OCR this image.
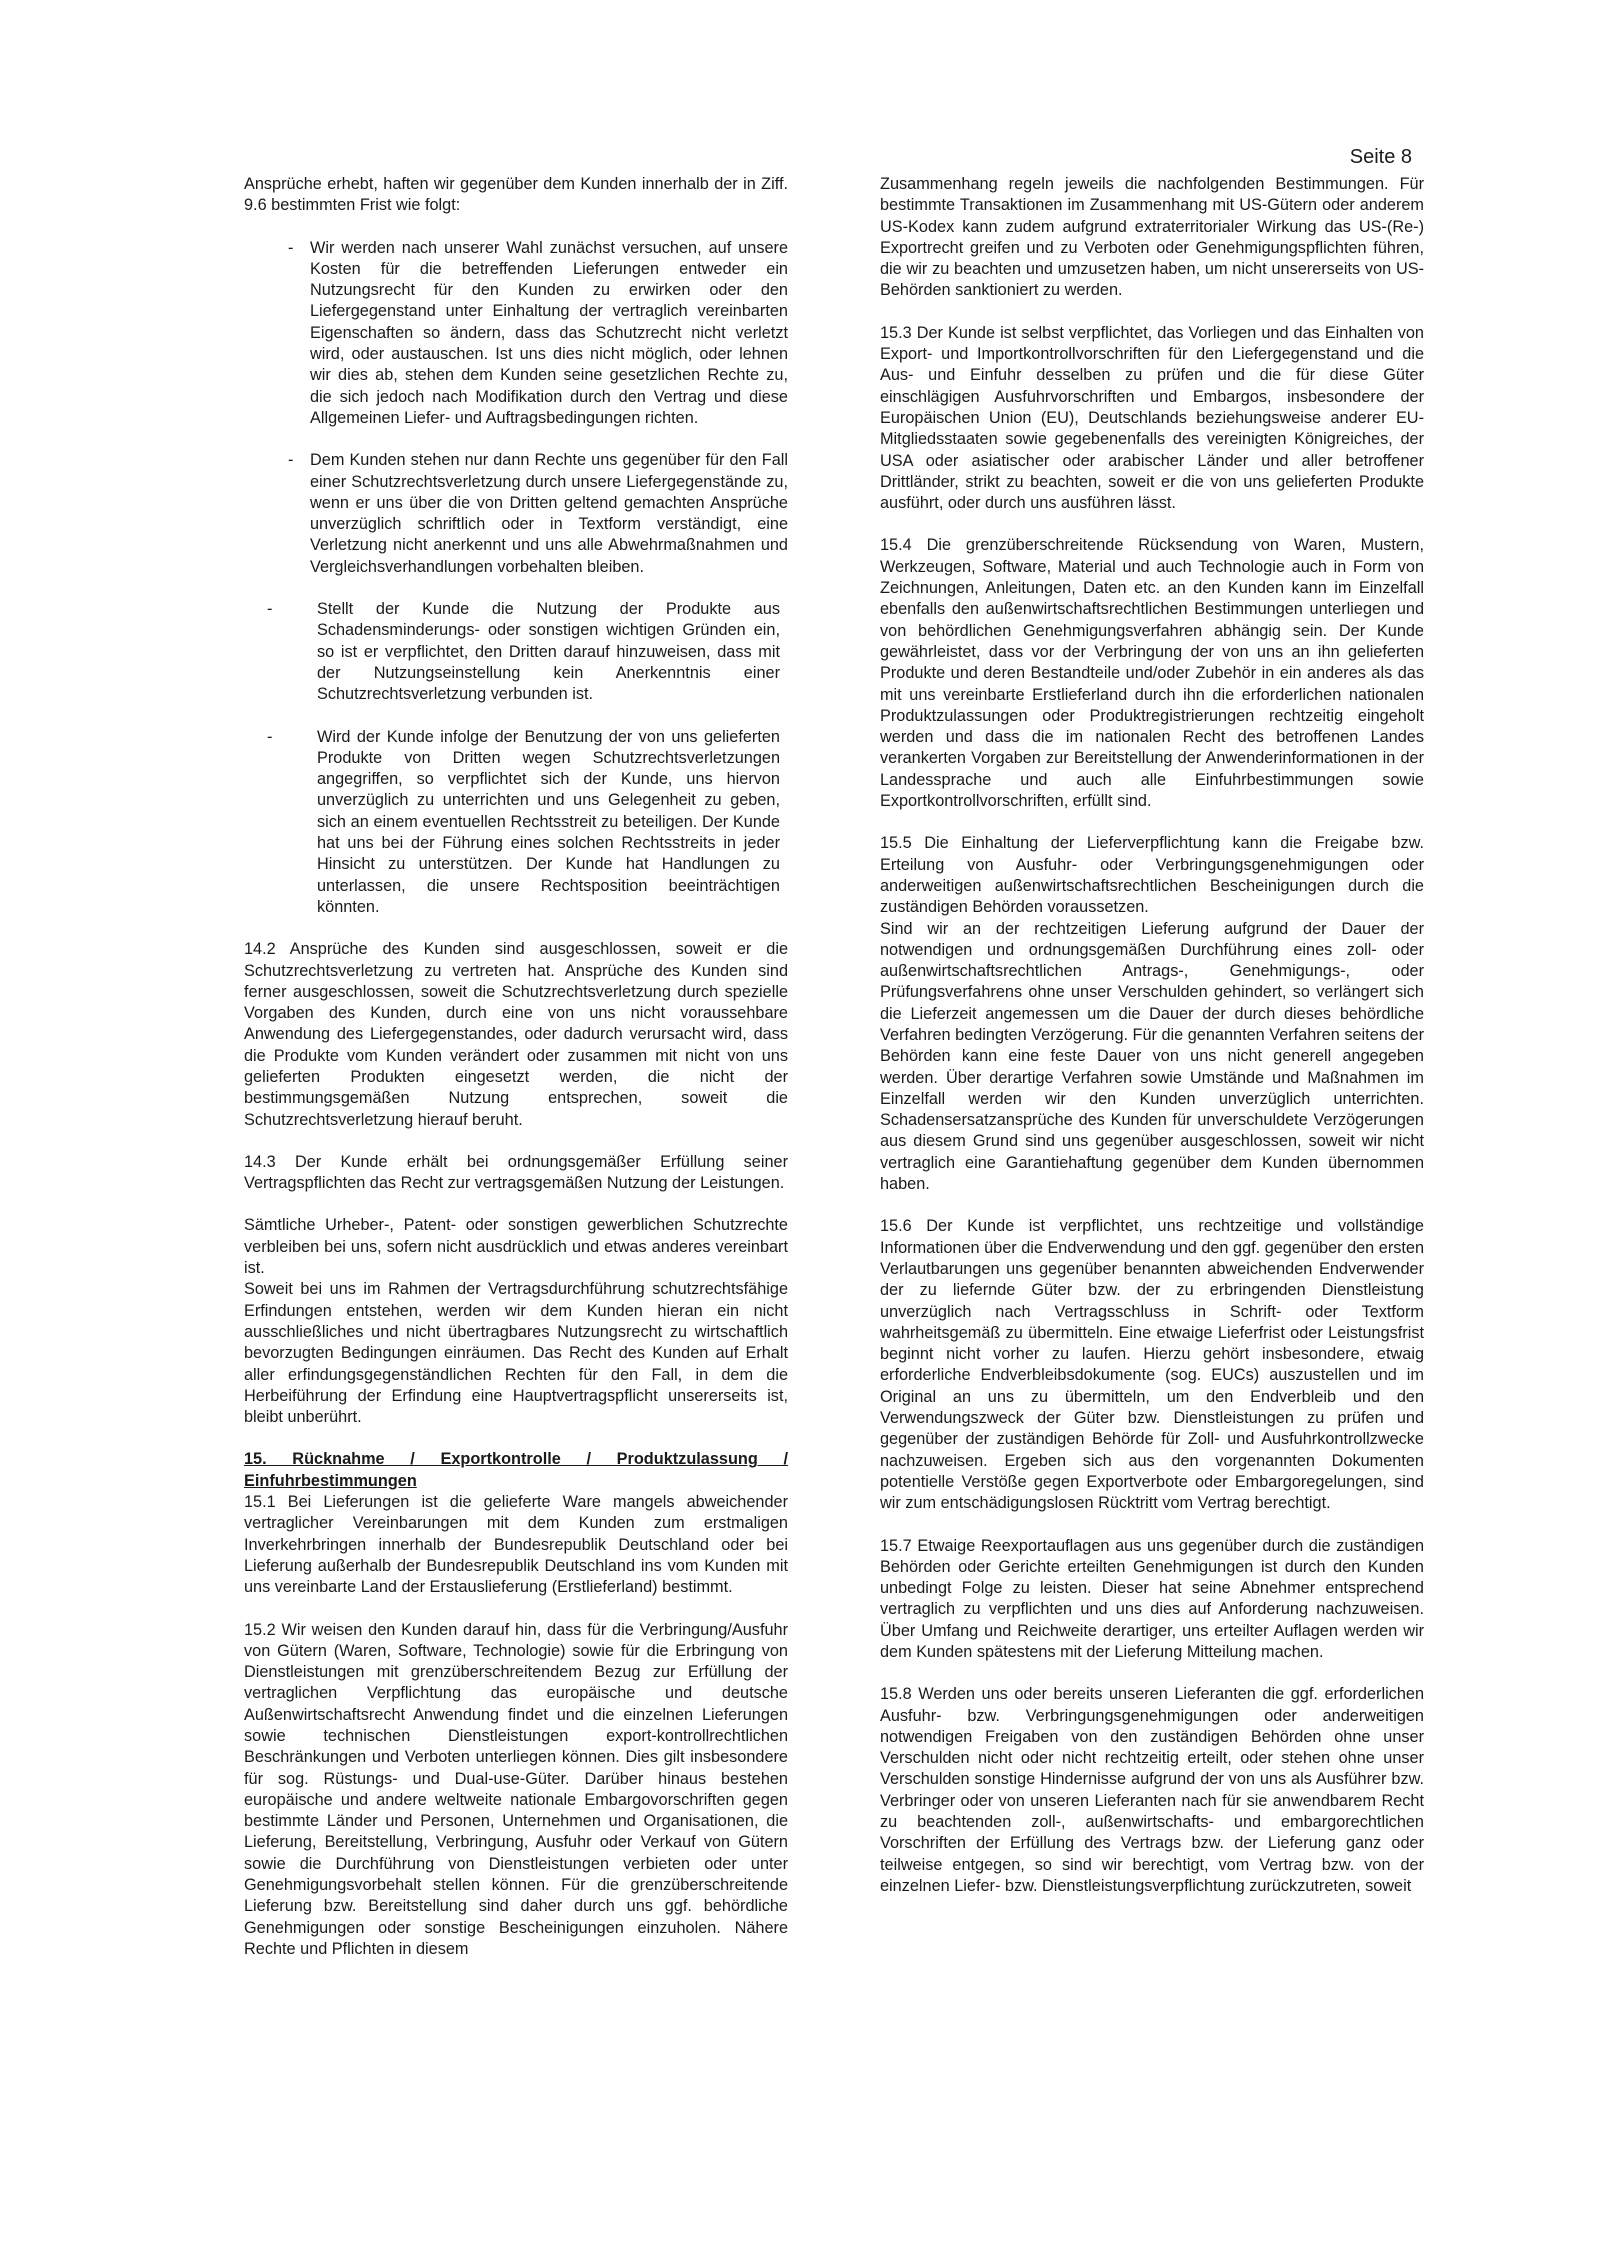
Seite 8

Ansprüche erhebt, haften wir gegenüber dem Kunden innerhalb der in Ziff. 9.6 bestimmten Frist wie folgt:

-	Wir werden nach unserer Wahl zunächst versuchen, auf unsere Kosten für die betreffenden Lieferungen entweder ein Nutzungsrecht für den Kunden zu erwirken oder den Liefergegenstand unter Einhaltung der vertraglich vereinbarten Eigenschaften so ändern, dass das Schutzrecht nicht verletzt wird, oder austauschen. Ist uns dies nicht möglich, oder lehnen wir dies ab, stehen dem Kunden seine gesetzlichen Rechte zu, die sich jedoch nach Modifikation durch den Vertrag und diese Allgemeinen Liefer- und Auftragsbedingungen richten.
-	Dem Kunden stehen nur dann Rechte uns gegenüber für den Fall einer Schutzrechtsverletzung durch unsere Liefergegenstände zu, wenn er uns über die von Dritten geltend gemachten Ansprüche unverzüglich schriftlich oder in Textform verständigt, eine Verletzung nicht anerkennt und uns alle Abwehrmaßnahmen und Vergleichsverhandlungen vorbehalten bleiben.
-	Stellt der Kunde die Nutzung der Produkte aus Schadensminderungs- oder sonstigen wichtigen Gründen ein, so ist er verpflichtet, den Dritten darauf hinzuweisen, dass mit der Nutzungseinstellung kein Anerkenntnis einer Schutzrechtsverletzung verbunden ist.
-	Wird der Kunde infolge der Benutzung der von uns gelieferten Produkte von Dritten wegen Schutzrechtsverletzungen angegriffen, so verpflichtet sich der Kunde, uns hiervon unverzüglich zu unterrichten und uns Gelegenheit zu geben, sich an einem eventuellen Rechtsstreit zu beteiligen. Der Kunde hat uns bei der Führung eines solchen Rechtsstreits in jeder Hinsicht zu unterstützen. Der Kunde hat Handlungen zu unterlassen, die unsere Rechtsposition beeinträchtigen könnten.

14.2 Ansprüche des Kunden sind ausgeschlossen, soweit er die Schutzrechtsverletzung zu vertreten hat. Ansprüche des Kunden sind ferner ausgeschlossen, soweit die Schutzrechtsverletzung durch spezielle Vorgaben des Kunden, durch eine von uns nicht voraussehbare Anwendung des Liefergegenstandes, oder dadurch verursacht wird, dass die Produkte vom Kunden verändert oder zusammen mit nicht von uns gelieferten Produkten eingesetzt werden, die nicht der bestimmungsgemäßen Nutzung entsprechen, soweit die Schutzrechtsverletzung hierauf beruht.

14.3 Der Kunde erhält bei ordnungsgemäßer Erfüllung seiner Vertragspflichten das Recht zur vertragsgemäßen Nutzung der Leistungen.

Sämtliche Urheber-, Patent- oder sonstigen gewerblichen Schutzrechte verbleiben bei uns, sofern nicht ausdrücklich und etwas anderes vereinbart ist.

Soweit bei uns im Rahmen der Vertragsdurchführung schutzrechtsfähige Erfindungen entstehen, werden wir dem Kunden hieran ein nicht ausschließliches und nicht übertragbares Nutzungsrecht zu wirtschaftlich bevorzugten Bedingungen einräumen. Das Recht des Kunden auf Erhalt aller erfindungsgegenständlichen Rechten für den Fall, in dem die Herbeiführung der Erfindung eine Hauptvertragspflicht unsererseits ist, bleibt unberührt.

15. Rücknahme / Exportkontrolle / Produktzulassung / Einfuhrbestimmungen

15.1 Bei Lieferungen ist die gelieferte Ware mangels abweichender vertraglicher Vereinbarungen mit dem Kunden zum erstmaligen Inverkehrbringen innerhalb der Bundesrepublik Deutschland oder bei Lieferung außerhalb der Bundesrepublik Deutschland ins vom Kunden mit uns vereinbarte Land der Erstauslieferung (Erstlieferland) bestimmt.

15.2 Wir weisen den Kunden darauf hin, dass für die Verbringung/Ausfuhr von Gütern (Waren, Software, Technologie) sowie für die Erbringung von Dienstleistungen mit grenzüberschreitendem Bezug zur Erfüllung der vertraglichen Verpflichtung das europäische und deutsche Außenwirtschaftsrecht Anwendung findet und die einzelnen Lieferungen sowie technischen Dienstleistungen export-kontrollrechtlichen Beschränkungen und Verboten unterliegen können. Dies gilt insbesondere für sog. Rüstungs- und Dual-use-Güter. Darüber hinaus bestehen europäische und andere weltweite nationale Embargovorschriften gegen bestimmte Länder und Personen, Unternehmen und Organisationen, die Lieferung, Bereitstellung, Verbringung, Ausfuhr oder Verkauf von Gütern sowie die Durchführung von Dienstleistungen verbieten oder unter Genehmigungsvorbehalt stellen können. Für die grenzüberschreitende Lieferung bzw. Bereitstellung sind daher durch uns ggf. behördliche Genehmigungen oder sonstige Bescheinigungen einzuholen. Nähere Rechte und Pflichten in diesem

Zusammenhang regeln jeweils die nachfolgenden Bestimmungen. Für bestimmte Transaktionen im Zusammenhang mit US-Gütern oder anderem US-Kodex kann zudem aufgrund extraterritorialer Wirkung das US-(Re-) Exportrecht greifen und zu Verboten oder Genehmigungspflichten führen, die wir zu beachten und umzusetzen haben, um nicht unsererseits von US-Behörden sanktioniert zu werden.

15.3 Der Kunde ist selbst verpflichtet, das Vorliegen und das Einhalten von Export- und Importkontrollvorschriften für den Liefergegenstand und die Aus- und Einfuhr desselben zu prüfen und die für diese Güter einschlägigen Ausfuhrvorschriften und Embargos, insbesondere der Europäischen Union (EU), Deutschlands beziehungsweise anderer EU-Mitgliedsstaaten sowie gegebenenfalls des vereinigten Königreiches, der USA oder asiatischer oder arabischer Länder und aller betroffener Drittländer, strikt zu beachten, soweit er die von uns gelieferten Produkte ausführt, oder durch uns ausführen lässt.

15.4 Die grenzüberschreitende Rücksendung von Waren, Mustern, Werkzeugen, Software, Material und auch Technologie auch in Form von Zeichnungen, Anleitungen, Daten etc. an den Kunden kann im Einzelfall ebenfalls den außenwirtschaftsrechtlichen Bestimmungen unterliegen und von behördlichen Genehmigungsverfahren abhängig sein. Der Kunde gewährleistet, dass vor der Verbringung der von uns an ihn gelieferten Produkte und deren Bestandteile und/oder Zubehör in ein anderes als das mit uns vereinbarte Erstlieferland durch ihn die erforderlichen nationalen Produktzulassungen oder Produktregistrierungen rechtzeitig eingeholt werden und dass die im nationalen Recht des betroffenen Landes verankerten Vorgaben zur Bereitstellung der Anwenderinformationen in der Landessprache und auch alle Einfuhrbestimmungen sowie Exportkontrollvorschriften, erfüllt sind.

15.5 Die Einhaltung der Lieferverpflichtung kann die Freigabe bzw. Erteilung von Ausfuhr- oder Verbringungsgenehmigungen oder anderweitigen außenwirtschaftsrechtlichen Bescheinigungen durch die zuständigen Behörden voraussetzen.

Sind wir an der rechtzeitigen Lieferung aufgrund der Dauer der notwendigen und ordnungsgemäßen Durchführung eines zoll- oder außenwirtschaftsrechtlichen Antrags-, Genehmigungs-, oder Prüfungsverfahrens ohne unser Verschulden gehindert, so verlängert sich die Lieferzeit angemessen um die Dauer der durch dieses behördliche Verfahren bedingten Verzögerung. Für die genannten Verfahren seitens der Behörden kann eine feste Dauer von uns nicht generell angegeben werden. Über derartige Verfahren sowie Umstände und Maßnahmen im Einzelfall werden wir den Kunden unverzüglich unterrichten. Schadensersatzansprüche des Kunden für unverschuldete Verzögerungen aus diesem Grund sind uns gegenüber ausgeschlossen, soweit wir nicht vertraglich eine Garantiehaftung gegenüber dem Kunden übernommen haben.

15.6 Der Kunde ist verpflichtet, uns rechtzeitige und vollständige Informationen über die Endverwendung und den ggf. gegenüber den ersten Verlautbarungen uns gegenüber benannten abweichenden Endverwender der zu liefernde Güter bzw. der zu erbringenden Dienstleistung unverzüglich nach Vertragsschluss in Schrift- oder Textform wahrheitsgemäß zu übermitteln. Eine etwaige Lieferfrist oder Leistungsfrist beginnt nicht vorher zu laufen. Hierzu gehört insbesondere, etwaig erforderliche Endverbleibsdokumente (sog. EUCs) auszustellen und im Original an uns zu übermitteln, um den Endverbleib und den Verwendungszweck der Güter bzw. Dienstleistungen zu prüfen und gegenüber der zuständigen Behörde für Zoll- und Ausfuhrkontrollzwecke nachzuweisen. Ergeben sich aus den vorgenannten Dokumenten potentielle Verstöße gegen Exportverbote oder Embargoregelungen, sind wir zum entschädigungslosen Rücktritt vom Vertrag berechtigt.

15.7 Etwaige Reexportauflagen aus uns gegenüber durch die zuständigen Behörden oder Gerichte erteilten Genehmigungen ist durch den Kunden unbedingt Folge zu leisten. Dieser hat seine Abnehmer entsprechend vertraglich zu verpflichten und uns dies auf Anforderung nachzuweisen. Über Umfang und Reichweite derartiger, uns erteilter Auflagen werden wir dem Kunden spätestens mit der Lieferung Mitteilung machen.

15.8 Werden uns oder bereits unseren Lieferanten die ggf. erforderlichen Ausfuhr- bzw. Verbringungsgenehmigungen oder anderweitigen notwendigen Freigaben von den zuständigen Behörden ohne unser Verschulden nicht oder nicht rechtzeitig erteilt, oder stehen ohne unser Verschulden sonstige Hindernisse aufgrund der von uns als Ausführer bzw. Verbringer oder von unseren Lieferanten nach für sie anwendbarem Recht zu beachtenden zoll-, außenwirtschafts- und embargorechtlichen Vorschriften der Erfüllung des Vertrags bzw. der Lieferung ganz oder teilweise entgegen, so sind wir berechtigt, vom Vertrag bzw. von der einzelnen Liefer- bzw. Dienstleistungsverpflichtung zurückzutreten, soweit
